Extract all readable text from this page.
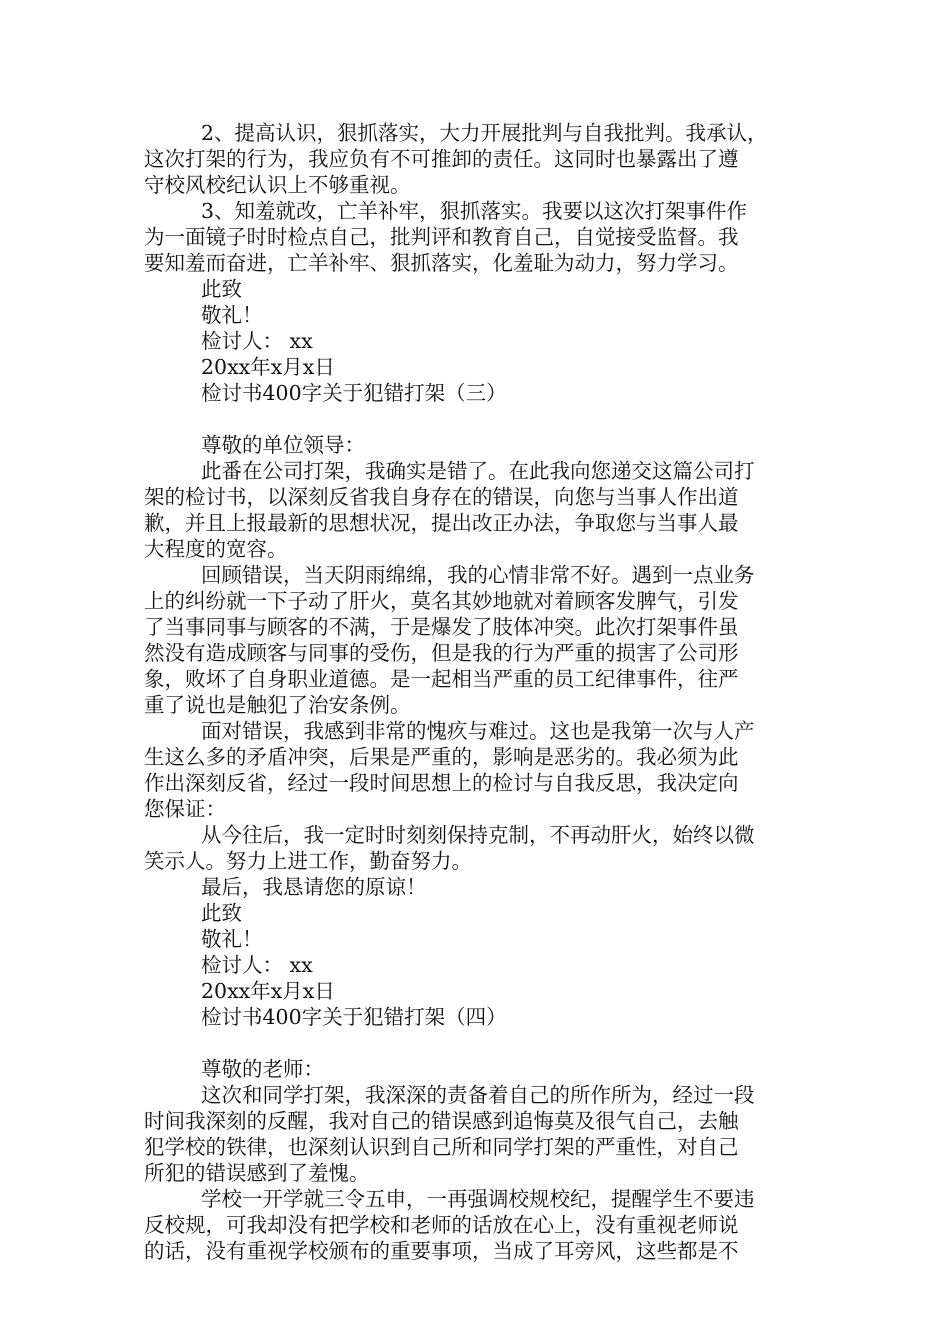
2、提高认识，狠抓落实，大力开展批判与自我批判。我承认，
这次打架的行为，我应负有不可推卸的责任。这同时也暴露出了遵
守校风校纪认识上不够重视。
3、知羞就改，亡羊补牢，狠抓落实。我要以这次打架事件作
为一面镜子时时检点自己，批判评和教育自己，自觉接受监督。我
要知羞而奋进，亡羊补牢、狠抓落实，化羞耻为动力，努力学习。
此致
敬礼！
检讨人： xx
20xx年x月x日
检讨书400字关于犯错打架（三）
尊敬的单位领导：
此番在公司打架，我确实是错了。在此我向您递交这篇公司打
架的检讨书，以深刻反省我自身存在的错误，向您与当事人作出道
歉，并且上报最新的思想状况，提出改正办法，争取您与当事人最
大程度的宽容。
回顾错误，当天阴雨绵绵，我的心情非常不好。遇到一点业务
上的纠纷就一下子动了肝火，莫名其妙地就对着顾客发脾气，引发
了当事同事与顾客的不满，于是爆发了肢体冲突。此次打架事件虽
然没有造成顾客与同事的受伤，但是我的行为严重的损害了公司形
象，败坏了自身职业道德。是一起相当严重的员工纪律事件，往严
重了说也是触犯了治安条例。
面对错误，我感到非常的愧疚与难过。这也是我第一次与人产
生这么多的矛盾冲突，后果是严重的，影响是恶劣的。我必须为此
作出深刻反省，经过一段时间思想上的检讨与自我反思，我决定向
您保证：
从今往后，我一定时时刻刻保持克制，不再动肝火，始终以微
笑示人。努力上进工作，勤奋努力。
最后，我恳请您的原谅！
此致
敬礼！
检讨人： xx
20xx年x月x日
检讨书400字关于犯错打架（四）
尊敬的老师：
这次和同学打架，我深深的责备着自己的所作所为，经过一段
时间我深刻的反醒，我对自己的错误感到追悔莫及很气自己，去触
犯学校的铁律，也深刻认识到自己所和同学打架的严重性，对自己
所犯的错误感到了羞愧。
学校一开学就三令五申，一再强调校规校纪，提醒学生不要违
反校规，可我却没有把学校和老师的话放在心上，没有重视老师说
的话，没有重视学校颁布的重要事项，当成了耳旁风，这些都是不
